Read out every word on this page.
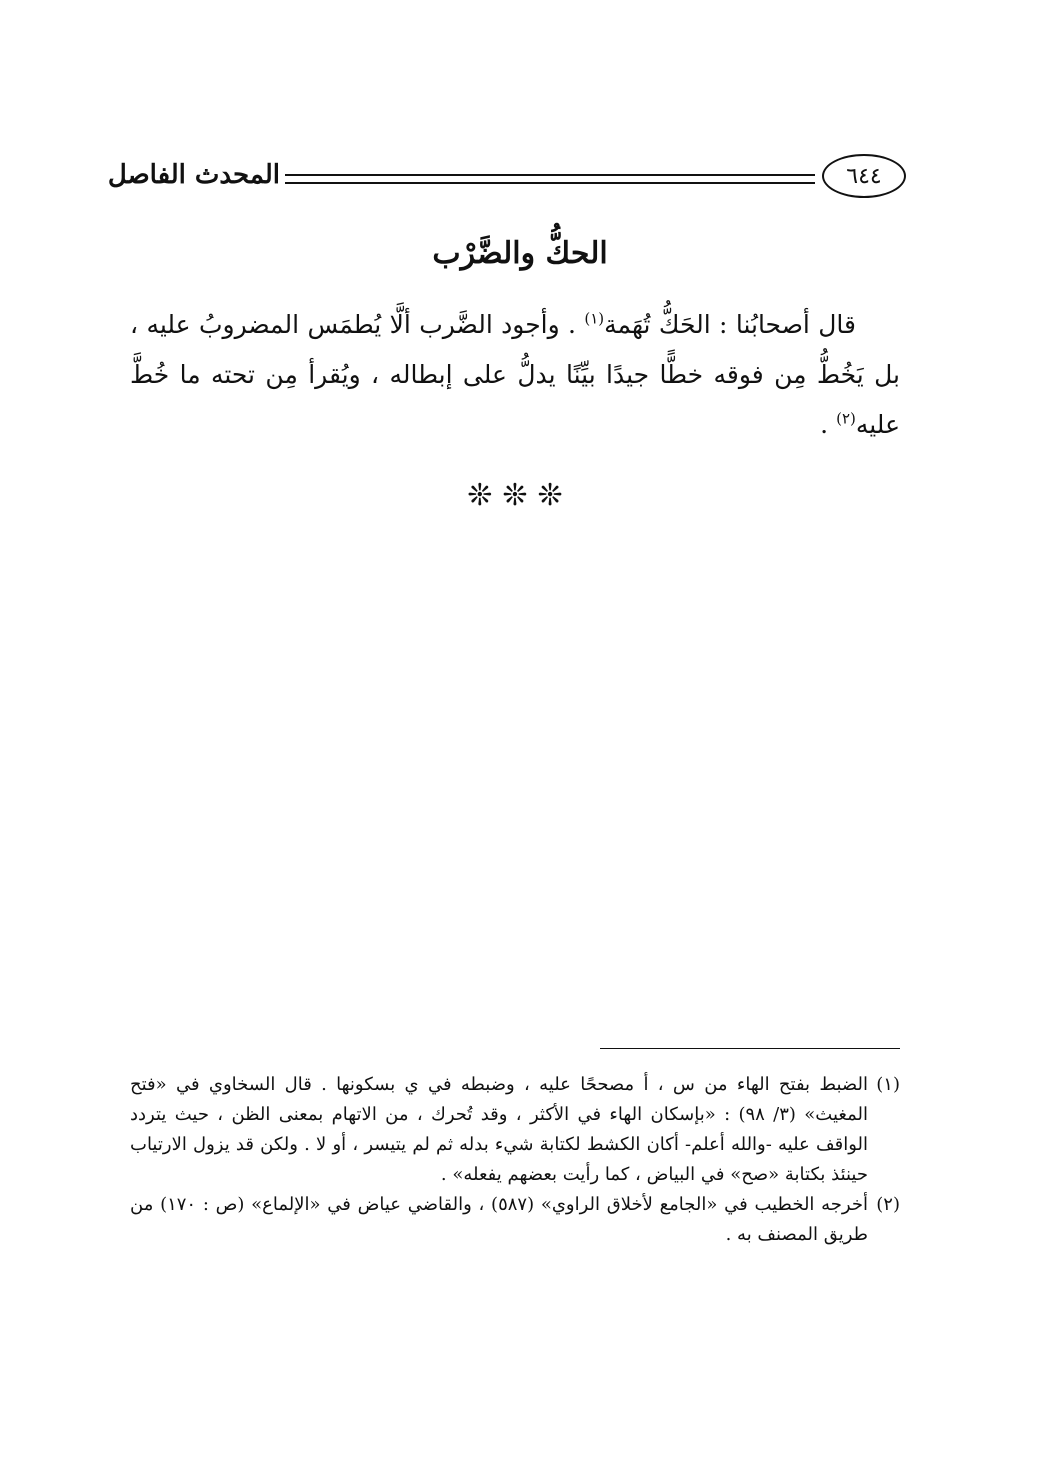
المحدث الفاصل	٦٤٤
الحكُّ والضَّرْب

قال أصحابُنا : الحَكُّ تُهَمة$^{(١)}$ . وأجود الضَّرب ألَّا يُطمَس المضروبُ عليه ، بل يَخُطُّ مِن فوقه خطًّا جيدًا بيِّنًا يدلُّ على إبطاله ، ويُقرأ مِن تحته ما خُطَّ عليه$^{(٢)}$ .

❊❊❊
(١)
الضبط بفتح الهاء من س ، أ مصححًا عليه ، وضبطه في ي بسكونها . قال السخاوي في «فتح المغيث» (٣/ ٩٨) : «بإسكان الهاء في الأكثر ، وقد تُحرك ، من الاتهام بمعنى الظن ، حيث يتردد الواقف عليه -والله أعلم- أكان الكشط لكتابة شيء بدله ثم لم يتيسر ، أو لا . ولكن قد يزول الارتياب حينئذ بكتابة «صح» في البياض ، كما رأيت بعضهم يفعله» .
(٢)
أخرجه الخطيب في «الجامع لأخلاق الراوي» (٥٨٧) ، والقاضي عياض في «الإلماع» (ص : ١٧٠) من طريق المصنف به .
